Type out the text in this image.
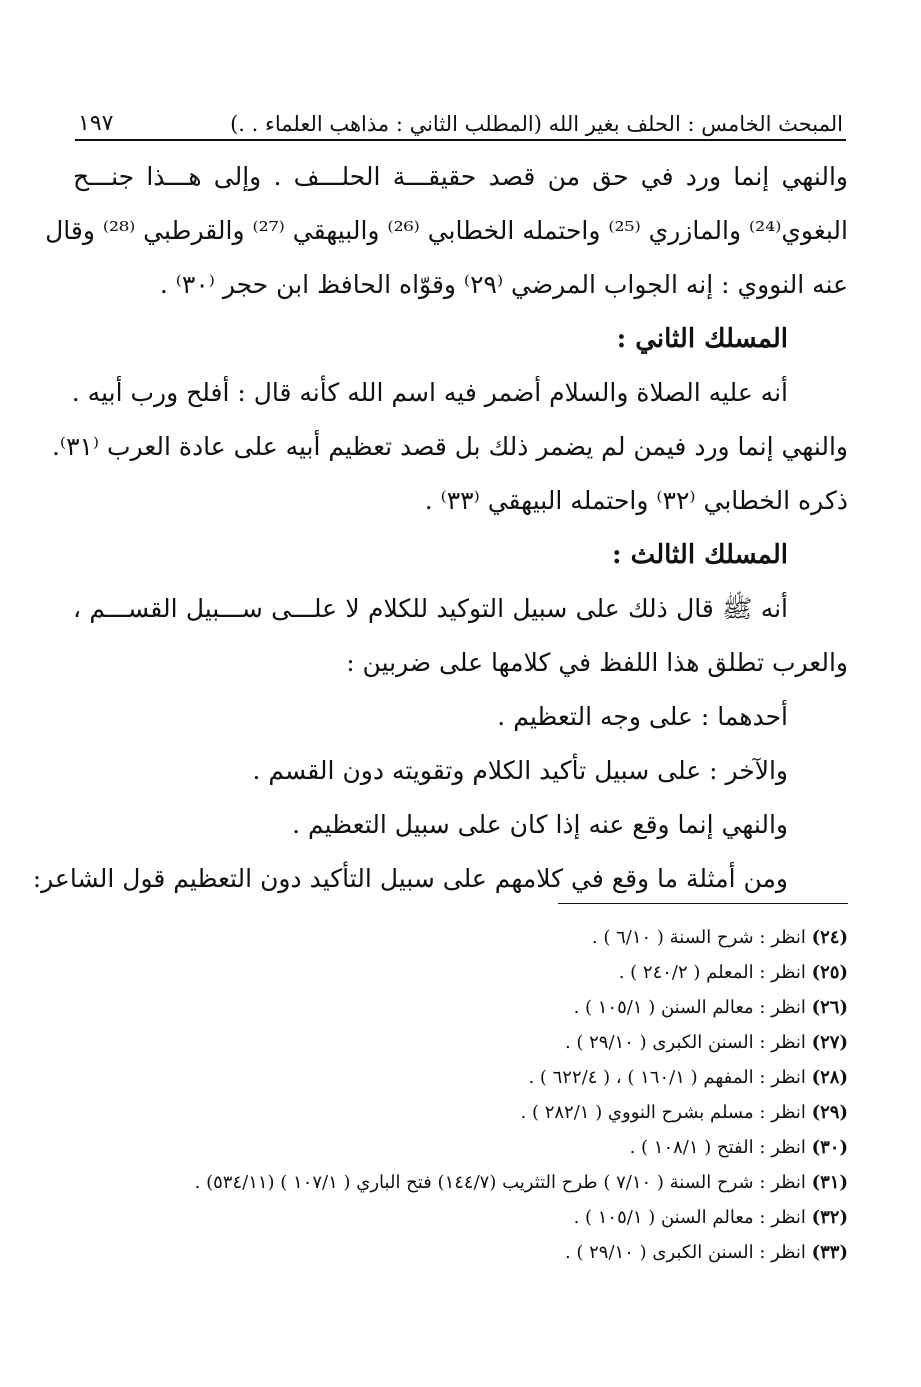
المبحث الخامس : الحلف بغير الله (المطلب الثاني : مذاهب العلماء . .)
١٩٧
والنهي إنما ورد في حق من قصد حقيقـــة الحلـــف . وإلى هـــذا جنـــح
البغوي⁽²⁴⁾ والمازري ⁽²⁵⁾ واحتمله الخطابي ⁽²⁶⁾ والبيهقي ⁽²⁷⁾ والقرطبي ⁽²⁸⁾ وقال
عنه النووي : إنه الجواب المرضي ⁽٢٩⁾ وقوّاه الحافظ ابن حجر ⁽٣٠⁾ .
المسلك الثاني :
أنه عليه الصلاة والسلام أضمر فيه اسم الله كأنه قال : أفلح ورب أبيه .
والنهي إنما ورد فيمن لم يضمر ذلك بل قصد تعظيم أبيه على عادة العرب ⁽٣١⁾.
ذكره الخطابي ⁽٣٢⁾ واحتمله البيهقي ⁽٣٣⁾ .
المسلك الثالث :
أنه ﷺ قال ذلك على سبيل التوكيد للكلام لا علـــى ســـبيل القســـم ،
والعرب تطلق هذا اللفظ في كلامها على ضربين :
أحدهما : على وجه التعظيم .
والآخر : على سبيل تأكيد الكلام وتقويته دون القسم .
والنهي إنما وقع عنه إذا كان على سبيل التعظيم .
ومن أمثلة ما وقع في كلامهم على سبيل التأكيد دون التعظيم قول الشاعر:
(٢٤) انظر : شرح السنة ( ٦/١٠ ) .
(٢٥) انظر : المعلم ( ٢٤٠/٢ ) .
(٢٦) انظر : معالم السنن ( ١٠٥/١ ) .
(٢٧) انظر : السنن الكبرى ( ٢٩/١٠ ) .
(٢٨) انظر : المفهم ( ١٦٠/١ ) ، ( ٦٢٢/٤ ) .
(٢٩) انظر : مسلم بشرح النووي ( ٢٨٢/١ ) .
(٣٠) انظر : الفتح ( ١٠٨/١ ) .
(٣١) انظر : شرح السنة ( ٧/١٠ ) طرح التثريب (١٤٤/٧) فتح الباري ( ١٠٧/١ ) (٥٣٤/١١) .
(٣٢) انظر : معالم السنن ( ١٠٥/١ ) .
(٣٣) انظر : السنن الكبرى ( ٢٩/١٠ ) .
